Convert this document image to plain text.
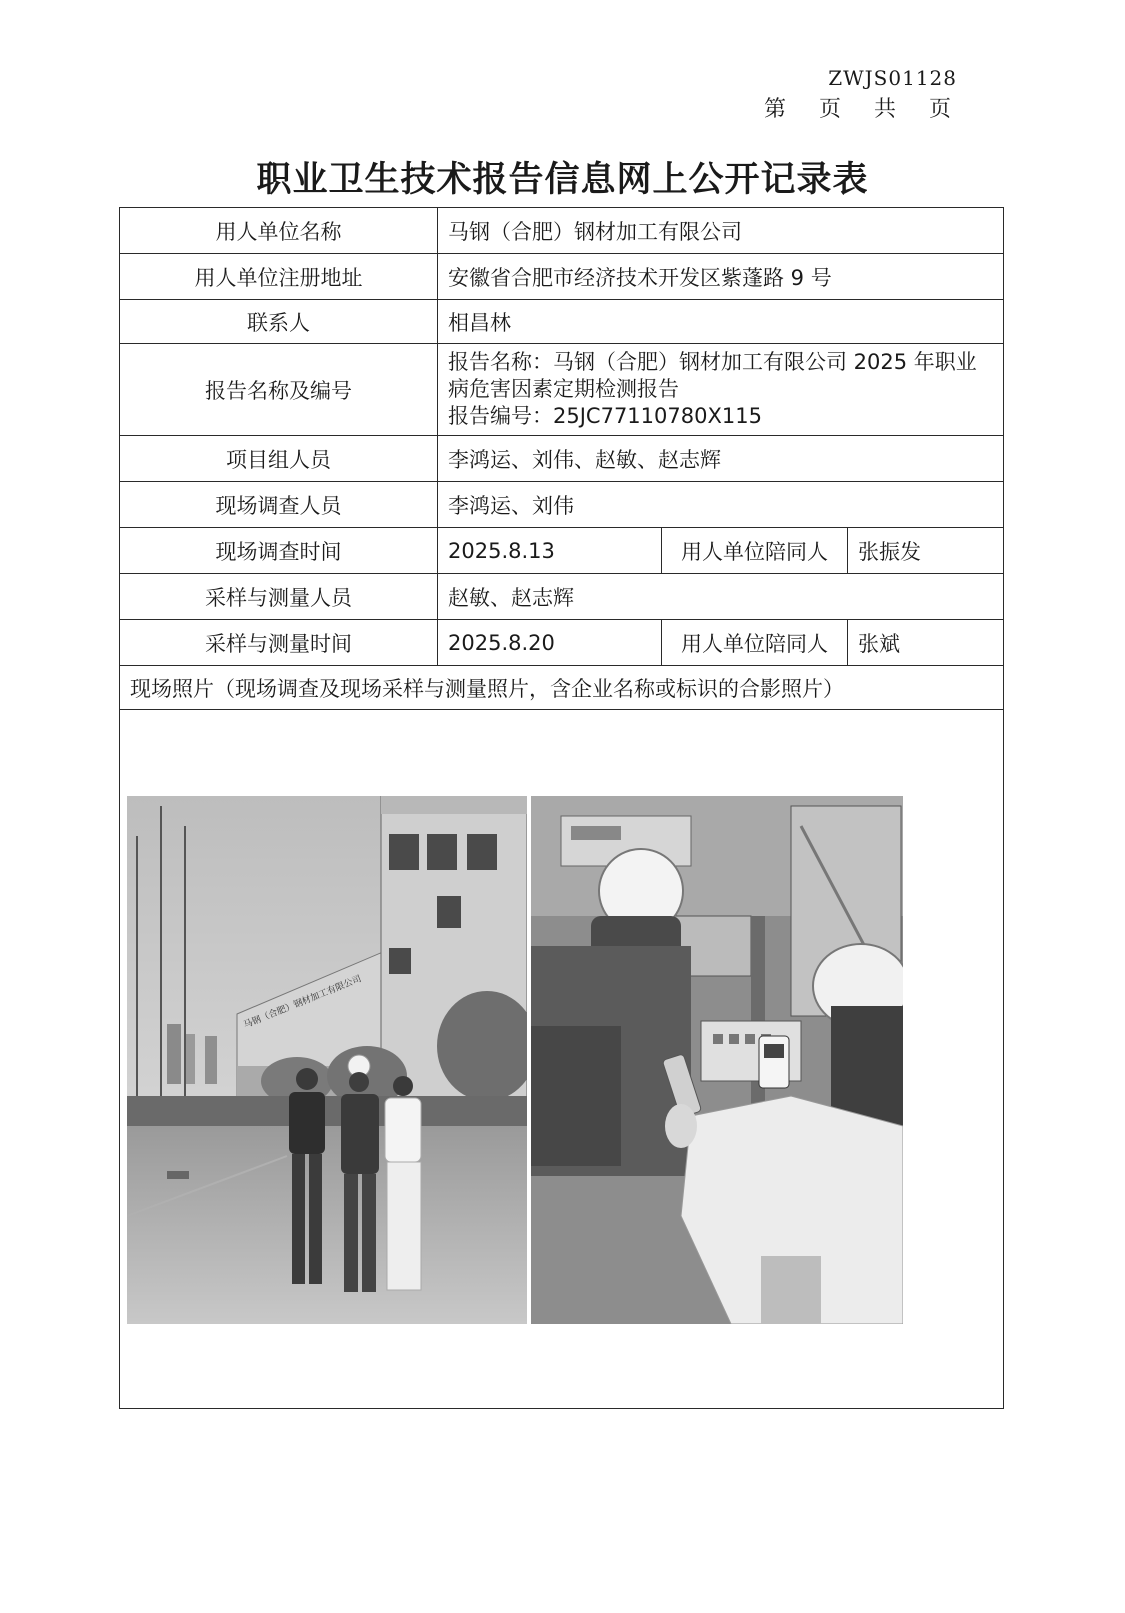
ZWJS01128
第 页 共 页
职业卫生技术报告信息网上公开记录表
用人单位名称	马钢（合肥）钢材加工有限公司		
用人单位注册地址	安徽省合肥市经济技术开发区紫蓬路 9 号		
联系人	相昌林		
报告名称及编号	报告名称：马钢（合肥）钢材加工有限公司 2025 年职业病危害因素定期检测报告
报告编号：25JC77110780X115		

项目组人员	李鸿运、刘伟、赵敏、赵志辉		
现场调查人员	李鸿运、刘伟		
现场调查时间	2025.8.13	用人单位陪同人	张振发
采样与测量人员	赵敏、赵志辉		
采样与测量时间	2025.8.20	用人单位陪同人	张斌
现场照片（现场调查及现场采样与测量照片，含企业名称或标识的合影照片）			

马钢（合肥）钢材加工有限公司			
